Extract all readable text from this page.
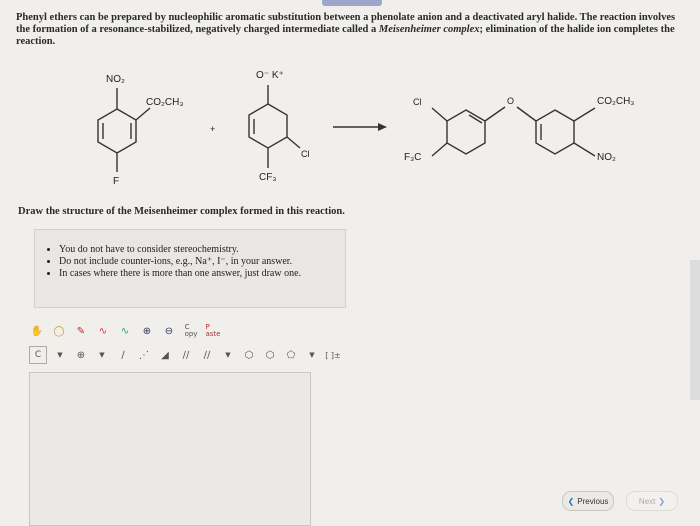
Phenyl ethers can be prepared by nucleophilic aromatic substitution between a phenolate anion and a deactivated aryl halide. The reaction involves the formation of a resonance-stabilized, negatively charged intermediate called a Meisenheimer complex; elimination of the halide ion completes the reaction.
NO₂
CO₂CH₃
F
+
O⁻ K⁺
Cl
CF₃
Cl
F₃C
O	CO₂CH₃
NO₂
Draw the structure of the Meisenheimer complex formed in this reaction.
• You do not have to consider stereochemistry.
• Do not include counter-ions, e.g., Na⁺, I⁻, in your answer.
• In cases where there is more than one answer, just draw one.
✋ ◯	✎	∿	∿	⊕	⊖	C
opy
P
aste
C	▼	⊕	▼	∕	⋰	◢	∕∕	∕∕	▼	⬡	⬡	⬠	▼	[ ]±
❮ Previous	Next ❯
